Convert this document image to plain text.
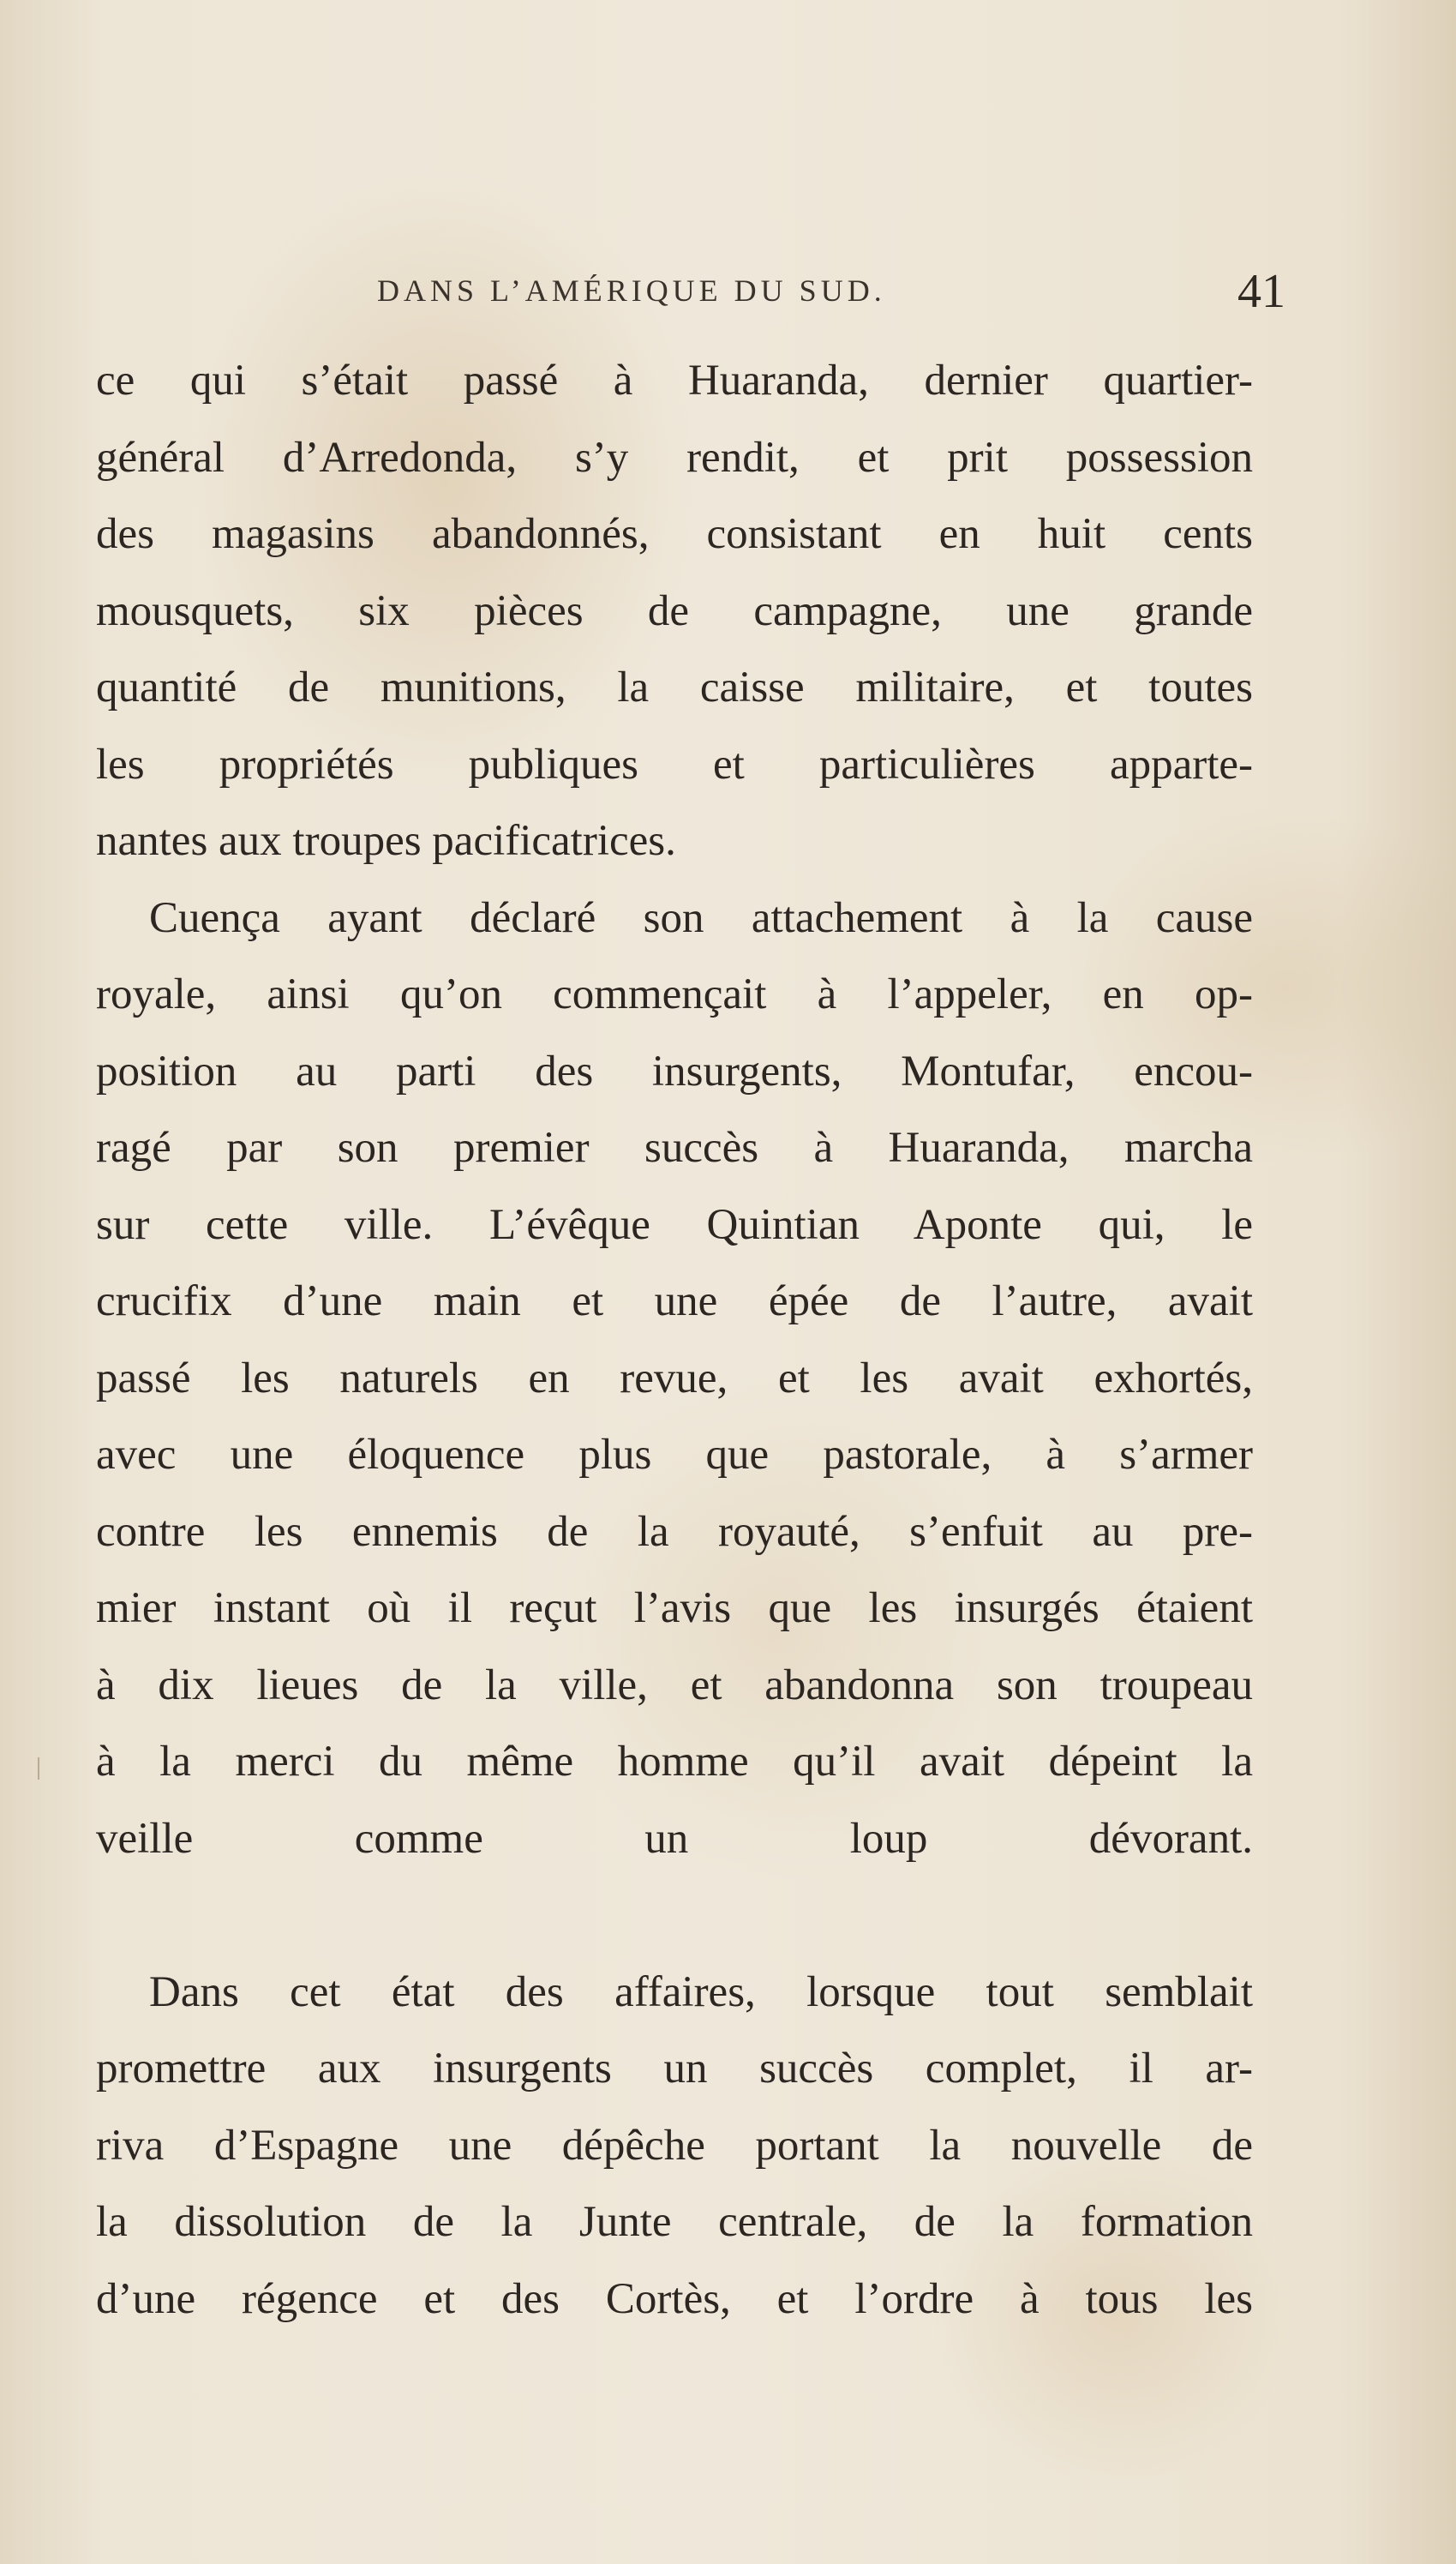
DANS L’AMÉRIQUE DU SUD.	41
ce qui s’était passé à Huaranda, dernier quartier-
général d’Arredonda, s’y rendit, et prit possession
des magasins abandonnés, consistant en huit cents
mousquets, six pièces de campagne, une grande
quantité de munitions, la caisse militaire, et toutes
les propriétés publiques et particulières apparte-
nantes aux troupes pacificatrices.
Cuença ayant déclaré son attachement à la cause
royale, ainsi qu’on commençait à l’appeler, en op-
position au parti des insurgents, Montufar, encou-
ragé par son premier succès à Huaranda, marcha
sur cette ville. L’évêque Quintian Aponte qui, le
crucifix d’une main et une épée de l’autre, avait
passé les naturels en revue, et les avait exhortés,
avec une éloquence plus que pastorale, à s’armer
contre les ennemis de la royauté, s’enfuit au pre-
mier instant où il reçut l’avis que les insurgés étaient
à dix lieues de la ville, et abandonna son troupeau
à la merci du même homme qu’il avait dépeint la
veille comme un loup dévorant.
Dans cet état des affaires, lorsque tout semblait
promettre aux insurgents un succès complet, il ar-
riva d’Espagne une dépêche portant la nouvelle de
la dissolution de la Junte centrale, de la formation
d’une régence et des Cortès, et l’ordre à tous les
